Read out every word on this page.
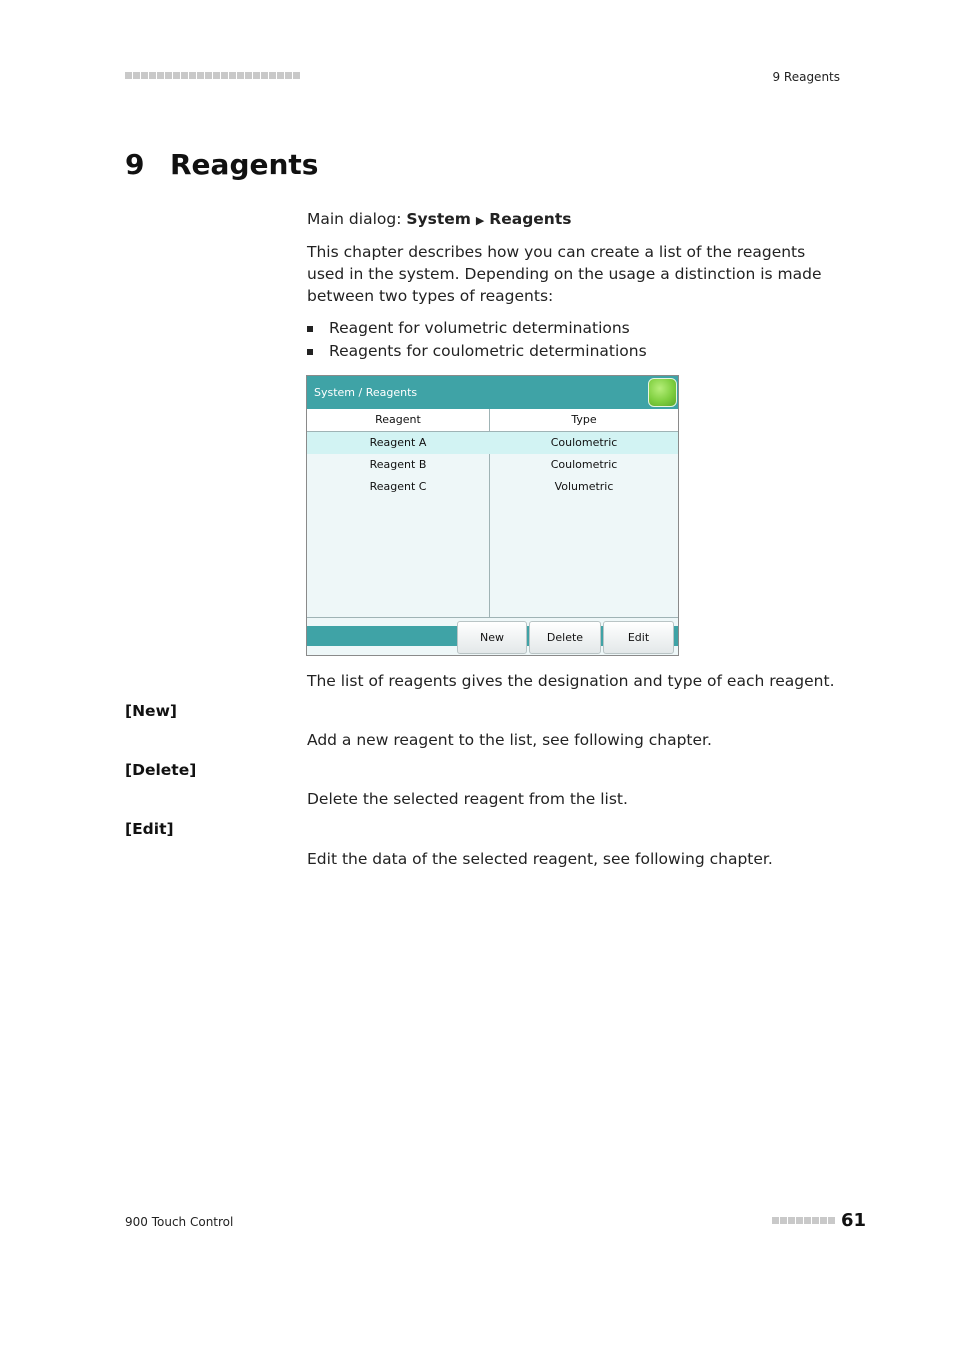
9 Reagents
9 Reagents
Main dialog: System ▶ Reagents
This chapter describes how you can create a list of the reagents used in the system. Depending on the usage a distinction is made between two types of reagents:
Reagent for volumetric determinations
Reagents for coulometric determinations
System / Reagents
Reagent	Type
Reagent A	Coulometric
Reagent B	Coulometric
Reagent C	Volumetric
New	Delete	Edit
The list of reagents gives the designation and type of each reagent.
[New]
Add a new reagent to the list, see following chapter.
[Delete]
Delete the selected reagent from the list.
[Edit]
Edit the data of the selected reagent, see following chapter.
900 Touch Control	61
